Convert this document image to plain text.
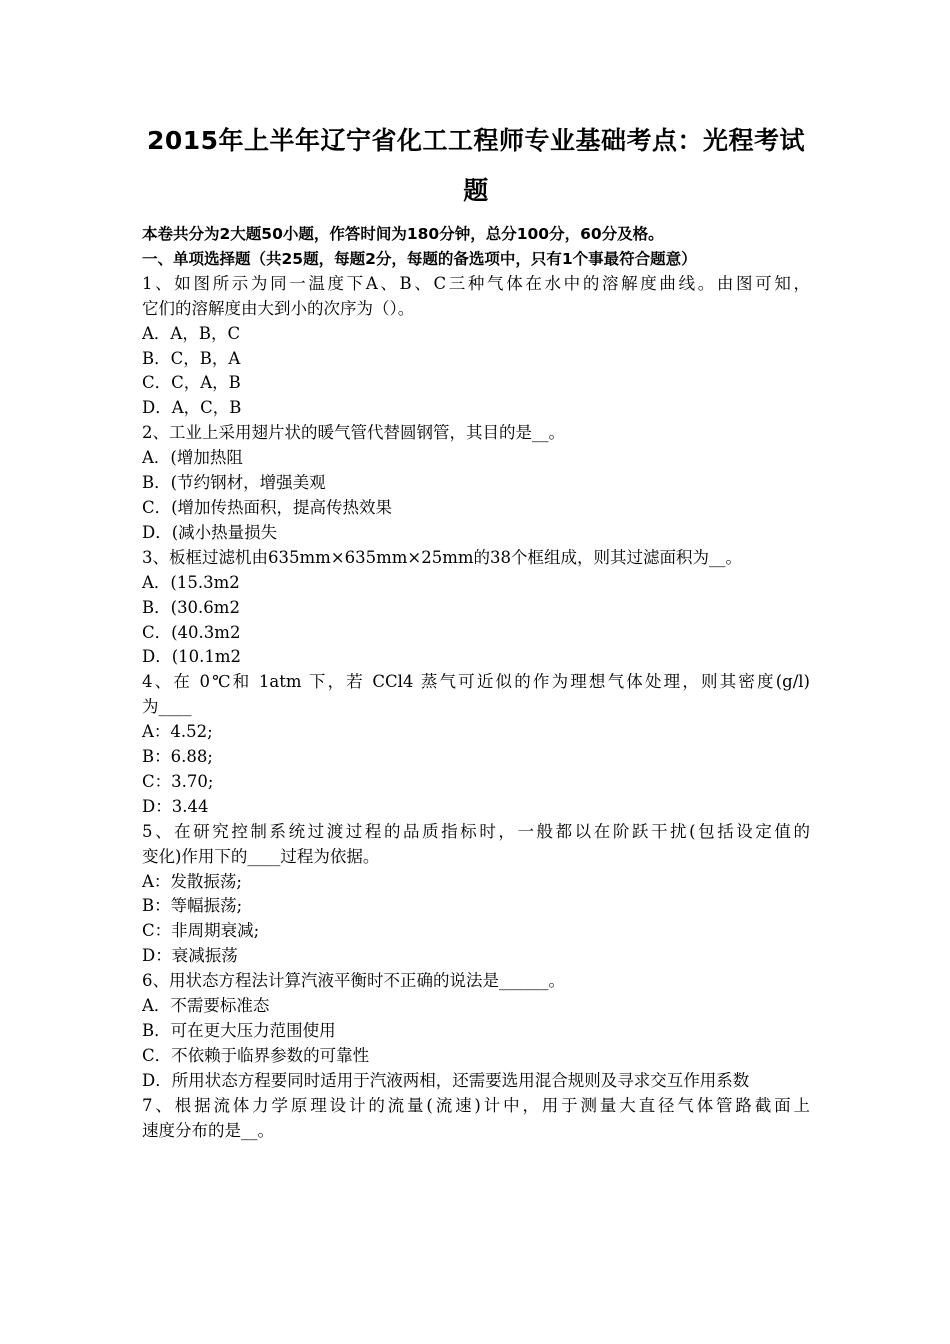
2015年上半年辽宁省化工工程师专业基础考点：光程考试题
本卷共分为2大题50小题，作答时间为180分钟，总分100分，60分及格。
一、单项选择题（共25题，每题2分，每题的备选项中，只有1个事最符合题意）
1、如图所示为同一温度下A、B、C三种气体在水中的溶解度曲线。由图可知，
它们的溶解度由大到小的次序为（）。
A．A，B，C
B．C，B，A
C．C，A，B
D．A，C，B
2、工业上采用翅片状的暖气管代替圆钢管，其目的是__。
A．(增加热阻
B．(节约钢材，增强美观
C．(增加传热面积，提高传热效果
D．(减小热量损失
3、板框过滤机由635mm×635mm×25mm的38个框组成，则其过滤面积为__。
A．(15.3m2
B．(30.6m2
C．(40.3m2
D．(10.1m2
4、在 0℃和 1atm 下，若 CCl4 蒸气可近似的作为理想气体处理，则其密度(g/l)
为____
A：4.52;
B：6.88;
C：3.70;
D：3.44
5、在研究控制系统过渡过程的品质指标时，一般都以在阶跃干扰(包括设定值的
变化)作用下的____过程为依据。
A：发散振荡;
B：等幅振荡;
C：非周期衰减;
D：衰减振荡
6、用状态方程法计算汽液平衡时不正确的说法是______。
A．不需要标准态
B．可在更大压力范围使用
C．不依赖于临界参数的可靠性
D．所用状态方程要同时适用于汽液两相，还需要选用混合规则及寻求交互作用系数
7、根据流体力学原理设计的流量(流速)计中，用于测量大直径气体管路截面上
速度分布的是__。
